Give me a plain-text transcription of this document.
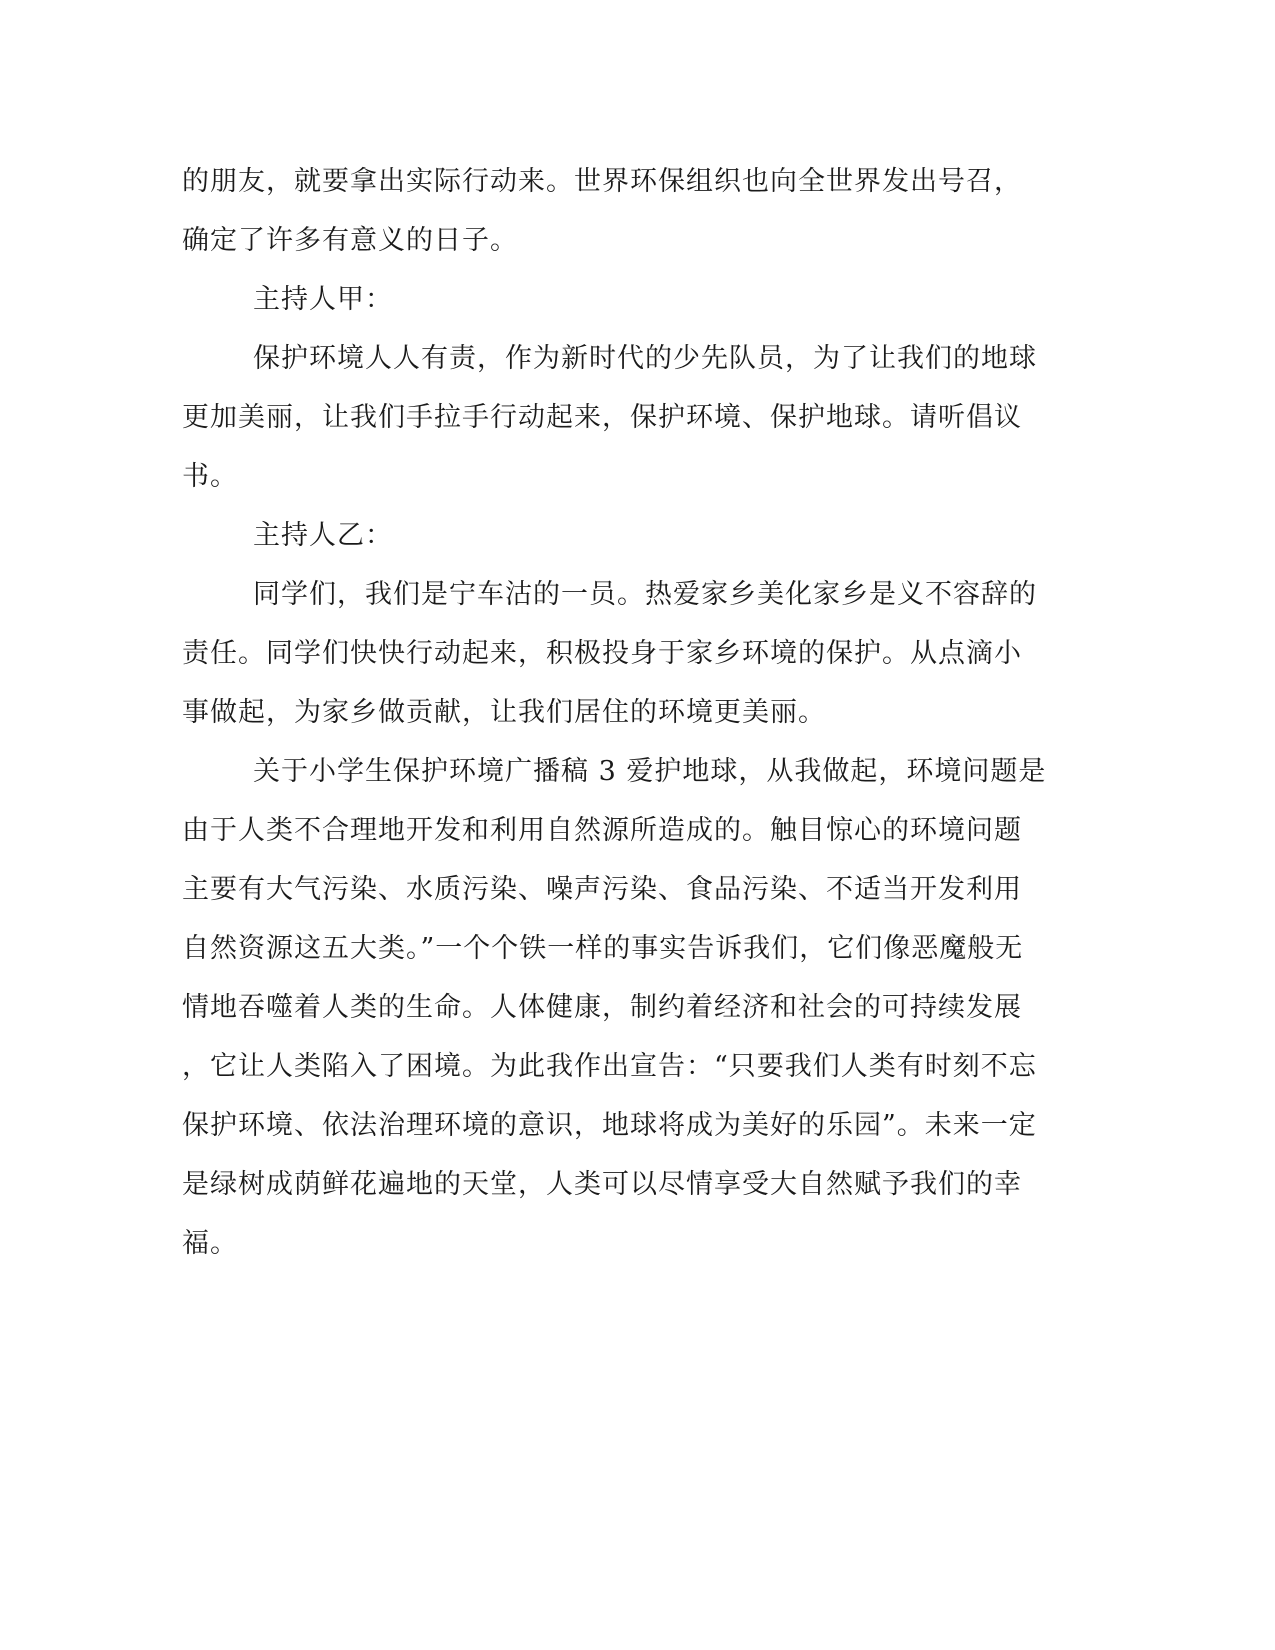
的朋友，就要拿出实际行动来。世界环保组织也向全世界发出号召，
确定了许多有意义的日子。
主持人甲：
保护环境人人有责，作为新时代的少先队员，为了让我们的地球
更加美丽，让我们手拉手行动起来，保护环境、保护地球。请听倡议
书。
主持人乙：
同学们，我们是宁车沽的一员。热爱家乡美化家乡是义不容辞的
责任。同学们快快行动起来，积极投身于家乡环境的保护。从点滴小
事做起，为家乡做贡献，让我们居住的环境更美丽。
关于小学生保护环境广播稿 3 爱护地球，从我做起，环境问题是
由于人类不合理地开发和利用自然源所造成的。触目惊心的环境问题
主要有大气污染、水质污染、噪声污染、食品污染、不适当开发利用
自然资源这五大类。”一个个铁一样的事实告诉我们，它们像恶魔般无
情地吞噬着人类的生命。人体健康，制约着经济和社会的可持续发展
，它让人类陷入了困境。为此我作出宣告：“只要我们人类有时刻不忘
保护环境、依法治理环境的意识，地球将成为美好的乐园”。未来一定
是绿树成荫鲜花遍地的天堂，人类可以尽情享受大自然赋予我们的幸
福。
